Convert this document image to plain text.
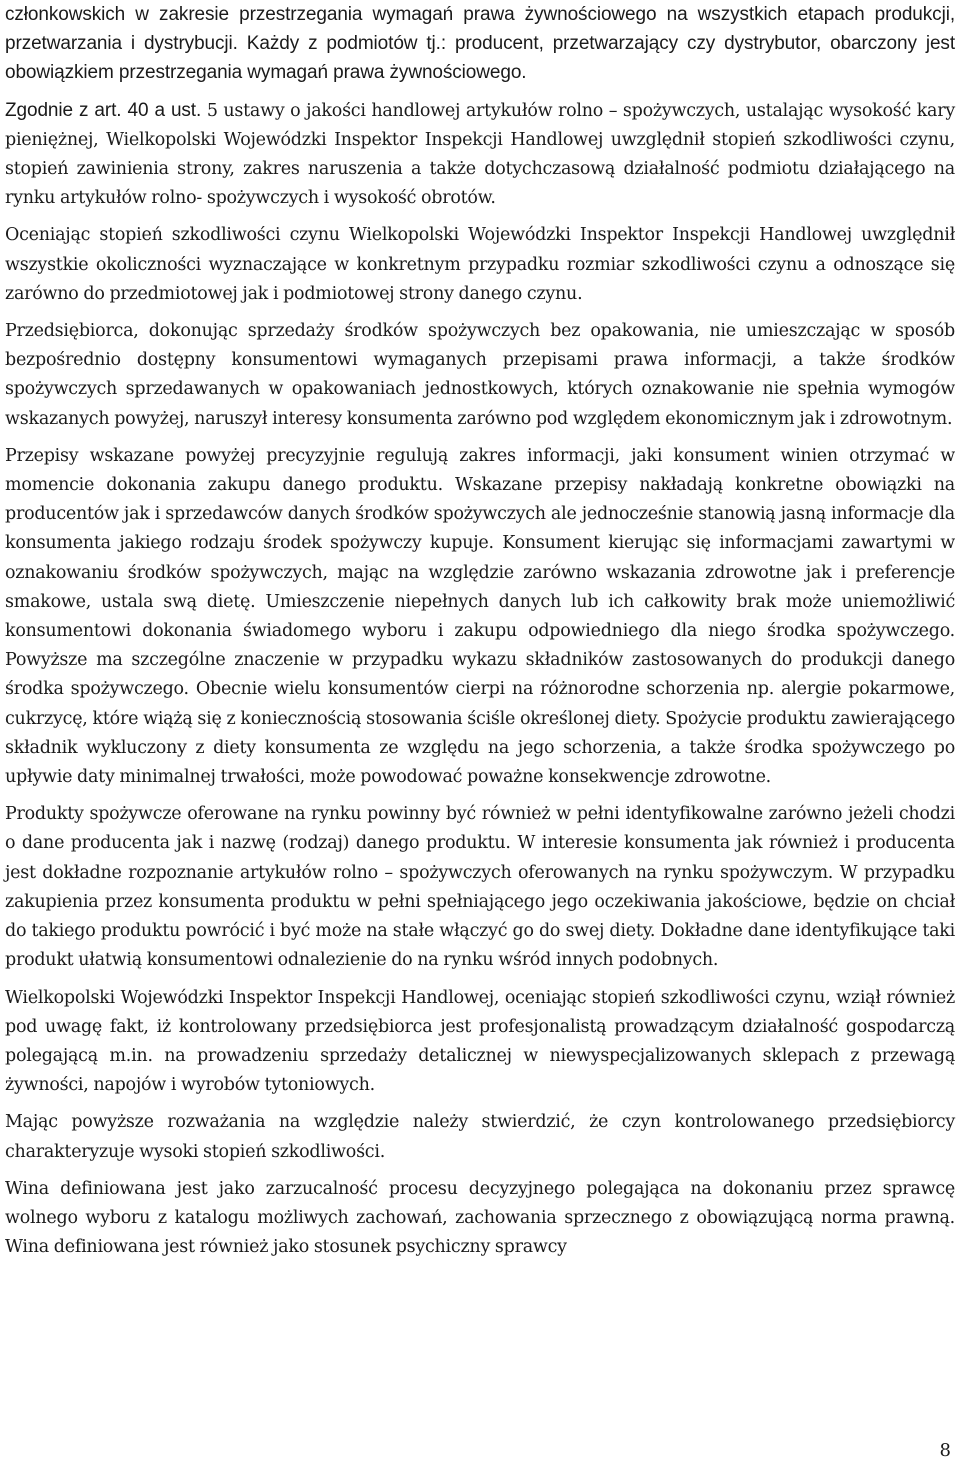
członkowskich w zakresie przestrzegania wymagań prawa żywnościowego na wszystkich etapach produkcji, przetwarzania i dystrybucji. Każdy z podmiotów tj.: producent, przetwarzający czy dystrybutor, obarczony jest obowiązkiem przestrzegania wymagań prawa żywnościowego.

Zgodnie z art. 40 a ust. 5 ustawy o jakości handlowej artykułów rolno – spożywczych, ustalając wysokość kary pieniężnej, Wielkopolski Wojewódzki Inspektor Inspekcji Handlowej uwzględnił stopień szkodliwości czynu, stopień zawinienia strony, zakres naruszenia a także dotychczasową działalność podmiotu działającego na rynku artykułów rolno- spożywczych i wysokość obrotów.

Oceniając stopień szkodliwości czynu Wielkopolski Wojewódzki Inspektor Inspekcji Handlowej uwzględnił wszystkie okoliczności wyznaczające w konkretnym przypadku rozmiar szkodliwości czynu a odnoszące się zarówno do przedmiotowej jak i podmiotowej strony danego czynu.

Przedsiębiorca, dokonując sprzedaży środków spożywczych bez opakowania, nie umieszczając w sposób bezpośrednio dostępny konsumentowi wymaganych przepisami prawa informacji, a także środków spożywczych sprzedawanych w opakowaniach jednostkowych, których oznakowanie nie spełnia wymogów wskazanych powyżej, naruszył interesy konsumenta zarówno pod względem ekonomicznym jak i zdrowotnym.

Przepisy wskazane powyżej precyzyjnie regulują zakres informacji, jaki konsument winien otrzymać w momencie dokonania zakupu danego produktu. Wskazane przepisy nakładają konkretne obowiązki na producentów jak i sprzedawców danych środków spożywczych ale jednocześnie stanowią jasną informacje dla konsumenta jakiego rodzaju środek spożywczy kupuje. Konsument kierując się informacjami zawartymi w oznakowaniu środków spożywczych, mając na względzie zarówno wskazania zdrowotne jak i preferencje smakowe, ustala swą dietę. Umieszczenie niepełnych danych lub ich całkowity brak może uniemożliwić konsumentowi dokonania świadomego wyboru i zakupu odpowiedniego dla niego środka spożywczego. Powyższe ma szczególne znaczenie w przypadku wykazu składników zastosowanych do produkcji danego środka spożywczego. Obecnie wielu konsumentów cierpi na różnorodne schorzenia np. alergie pokarmowe, cukrzycę, które wiążą się z koniecznością stosowania ściśle określonej diety. Spożycie produktu zawierającego składnik wykluczony z diety konsumenta ze względu na jego schorzenia, a także środka spożywczego po upływie daty minimalnej trwałości, może powodować poważne konsekwencje zdrowotne.

Produkty spożywcze oferowane na rynku powinny być również w pełni identyfikowalne zarówno jeżeli chodzi o dane producenta jak i nazwę (rodzaj) danego produktu. W interesie konsumenta jak również i producenta jest dokładne rozpoznanie artykułów rolno – spożywczych oferowanych na rynku spożywczym. W przypadku zakupienia przez konsumenta produktu w pełni spełniającego jego oczekiwania jakościowe, będzie on chciał do takiego produktu powrócić i być może na stałe włączyć go do swej diety. Dokładne dane identyfikujące taki produkt ułatwią konsumentowi odnalezienie do na rynku wśród innych podobnych.

Wielkopolski Wojewódzki Inspektor Inspekcji Handlowej, oceniając stopień szkodliwości czynu, wziął również pod uwagę fakt, iż kontrolowany przedsiębiorca jest profesjonalistą prowadzącym działalność gospodarczą polegającą m.in. na prowadzeniu sprzedaży detalicznej w niewyspecjalizowanych sklepach z przewagą żywności, napojów i wyrobów tytoniowych.

Mając powyższe rozważania na względzie należy stwierdzić, że czyn kontrolowanego przedsiębiorcy charakteryzuje wysoki stopień szkodliwości.

Wina definiowana jest jako zarzucalność procesu decyzyjnego polegająca na dokonaniu przez sprawcę wolnego wyboru z katalogu możliwych zachowań, zachowania sprzecznego z obowiązującą norma prawną. Wina definiowana jest również jako stosunek psychiczny sprawcy

8
